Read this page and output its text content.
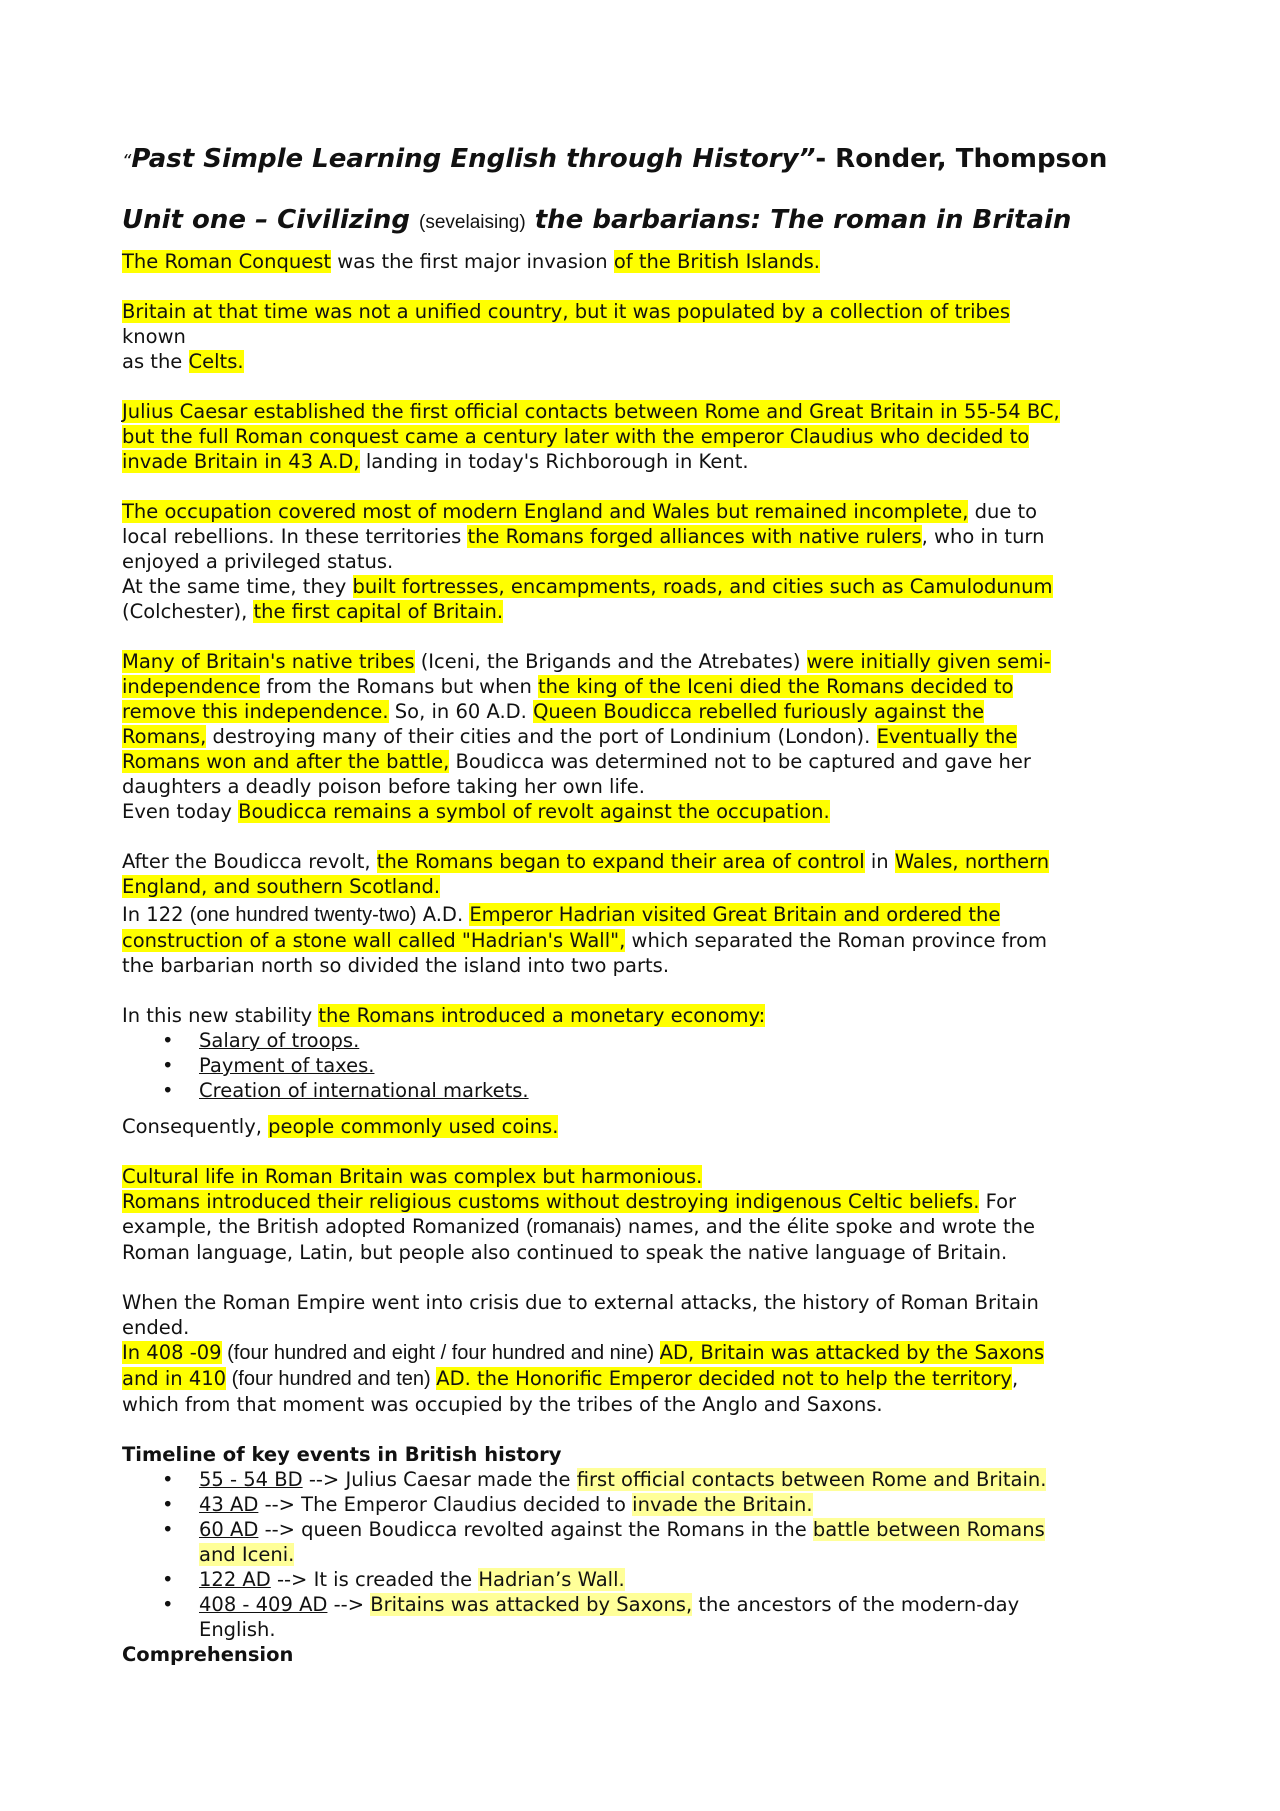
“Past Simple Learning English through History”- Ronder, Thompson
Unit one – Civilizing (sevelaising) the barbarians: The roman in Britain

The Roman Conquest was the first major invasion of the British Islands.

Britain at that time was not a unified country, but it was populated by a collection of tribes
known
as the Celts.
Julius Caesar established the first official contacts between Rome and Great Britain in 55-54 BC,
but the full Roman conquest came a century later with the emperor Claudius who decided to
invade Britain in 43 A.D, landing in today's Richborough in Kent.
The occupation covered most of modern England and Wales but remained incomplete, due to
local rebellions. In these territories the Romans forged alliances with native rulers, who in turn
enjoyed a privileged status.
At the same time, they built fortresses, encampments, roads, and cities such as Camulodunum
(Colchester), the first capital of Britain.
Many of Britain's native tribes (Iceni, the Brigands and the Atrebates) were initially given semi-
independence from the Romans but when the king of the Iceni died the Romans decided to
remove this independence. So, in 60 A.D. Queen Boudicca rebelled furiously against the
Romans, destroying many of their cities and the port of Londinium (London). Eventually the
Romans won and after the battle, Boudicca was determined not to be captured and gave her
daughters a deadly poison before taking her own life.
Even today Boudicca remains a symbol of revolt against the occupation.
After the Boudicca revolt, the Romans began to expand their area of control in Wales, northern
England, and southern Scotland.
In 122 (one hundred twenty-two) A.D. Emperor Hadrian visited Great Britain and ordered the
construction of a stone wall called "Hadrian's Wall", which separated the Roman province from
the barbarian north so divided the island into two parts.
In this new stability the Romans introduced a monetary economy:
• Salary of troops.
• Payment of taxes.
• Creation of international markets.
Consequently, people commonly used coins.
Cultural life in Roman Britain was complex but harmonious.
Romans introduced their religious customs without destroying indigenous Celtic beliefs. For
example, the British adopted Romanized (romanais) names, and the élite spoke and wrote the
Roman language, Latin, but people also continued to speak the native language of Britain.
When the Roman Empire went into crisis due to external attacks, the history of Roman Britain
ended.
In 408 -09 (four hundred and eight / four hundred and nine) AD, Britain was attacked by the Saxons
and in 410 (four hundred and ten) AD. the Honorific Emperor decided not to help the territory,
which from that moment was occupied by the tribes of the Anglo and Saxons.
Timeline of key events in British history
• 55 - 54 BD --> Julius Caesar made the first official contacts between Rome and Britain.
• 43 AD --> The Emperor Claudius decided to invade the Britain.
• 60 AD --> queen Boudicca revolted against the Romans in the battle between Romans
and Iceni.
• 122 AD --> It is creaded the Hadrian’s Wall.
• 408 - 409 AD --> Britains was attacked by Saxons, the ancestors of the modern-day
English.
Comprehension
